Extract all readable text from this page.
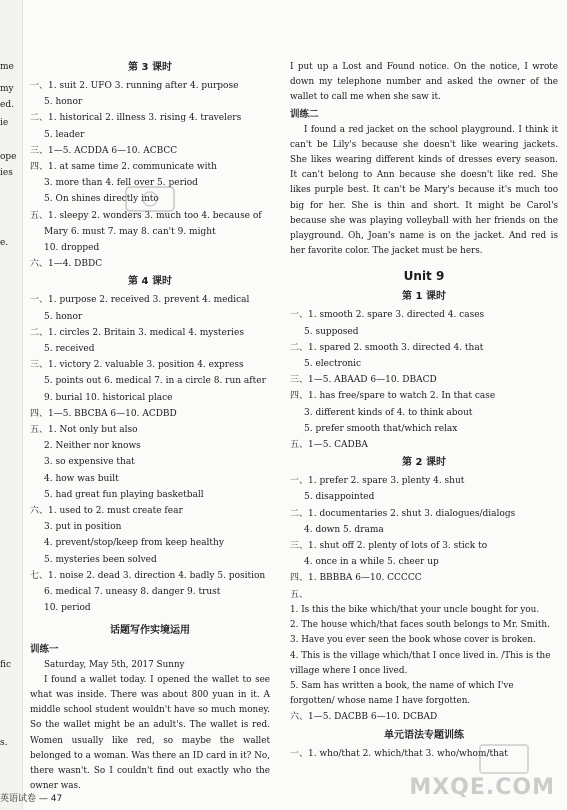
me
my
ed.
ie
ope
ies
e.
fic
s.
第 3 课时
一、1. suit 2. UFO 3. running after 4. purpose
5. honor
二、1. historical 2. illness 3. rising 4. travelers
5. leader
三、1—5. ACDDA 6—10. ACBCC
四、1. at same time 2. communicate with
3. more than 4. fell over 5. period
5. On shines directly into
五、1. sleepy 2. wonders 3. much too 4. because of
Mary 6. must 7. may 8. can't 9. might
10. dropped
六、1—4. DBDC
第 4 课时
一、1. purpose 2. received 3. prevent 4. medical
5. honor
二、1. circles 2. Britain 3. medical 4. mysteries
5. received
三、1. victory 2. valuable 3. position 4. express
5. points out 6. medical 7. in a circle 8. run after
9. burial 10. historical place
四、1—5. BBCBA 6—10. ACDBD
五、1. Not only but also
2. Neither nor knows
3. so expensive that
4. how was built
5. had great fun playing basketball
六、1. used to 2. must create fear
3. put in position
4. prevent/stop/keep from keep healthy
5. mysteries been solved
七、1. noise 2. dead 3. direction 4. badly 5. position
6. medical 7. uneasy 8. danger 9. trust
10. period
话题写作实境运用
训练一
Saturday, May 5th, 2017 Sunny
I found a wallet today. I opened the wallet to see what was inside. There was about 800 yuan in it. A middle school student wouldn't have so much money. So the wallet might be an adult's. The wallet is red. Women usually like red, so maybe the wallet belonged to a woman. Was there an ID card in it? No, there wasn't. So I couldn't find out exactly who the owner was.
I put up a Lost and Found notice. On the notice, I wrote down my telephone number and asked the owner of the wallet to call me when she saw it.
训练二
I found a red jacket on the school playground. I think it can't be Lily's because she doesn't like wearing jackets. She likes wearing different kinds of dresses every season. It can't belong to Ann because she doesn't like red. She likes purple best. It can't be Mary's because it's much too big for her. She is thin and short. It might be Carol's because she was playing volleyball with her friends on the playground. Oh, Joan's name is on the jacket. And red is her favorite color. The jacket must be hers.
Unit 9
第 1 课时
一、1. smooth 2. spare 3. directed 4. cases
5. supposed
二、1. spared 2. smooth 3. directed 4. that
5. electronic
三、1—5. ABAAD 6—10. DBACD
四、1. has free/spare to watch 2. In that case
3. different kinds of 4. to think about
5. prefer smooth that/which relax
五、1—5. CADBA
第 2 课时
一、1. prefer 2. spare 3. plenty 4. shut
5. disappointed
二、1. documentaries 2. shut 3. dialogues/dialogs
4. down 5. drama
三、1. shut off 2. plenty of lots of 3. stick to
4. once in a while 5. cheer up
四、1. BBBBA 6—10. CCCCC
五、
1. Is this the bike which/that your uncle bought for you.
2. The house which/that faces south belongs to Mr. Smith.
3. Have you ever seen the book whose cover is broken.
4. This is the village which/that I once lived in. /This is the village where I once lived.
5. Sam has written a book, the name of which I've forgotten/ whose name I have forgotten.
六、1—5. DACBB 6—10. DCBAD
单元语法专题训练
一、1. who/that 2. which/that 3. who/whom/that
英语试卷 — 47	MXQE.COM
